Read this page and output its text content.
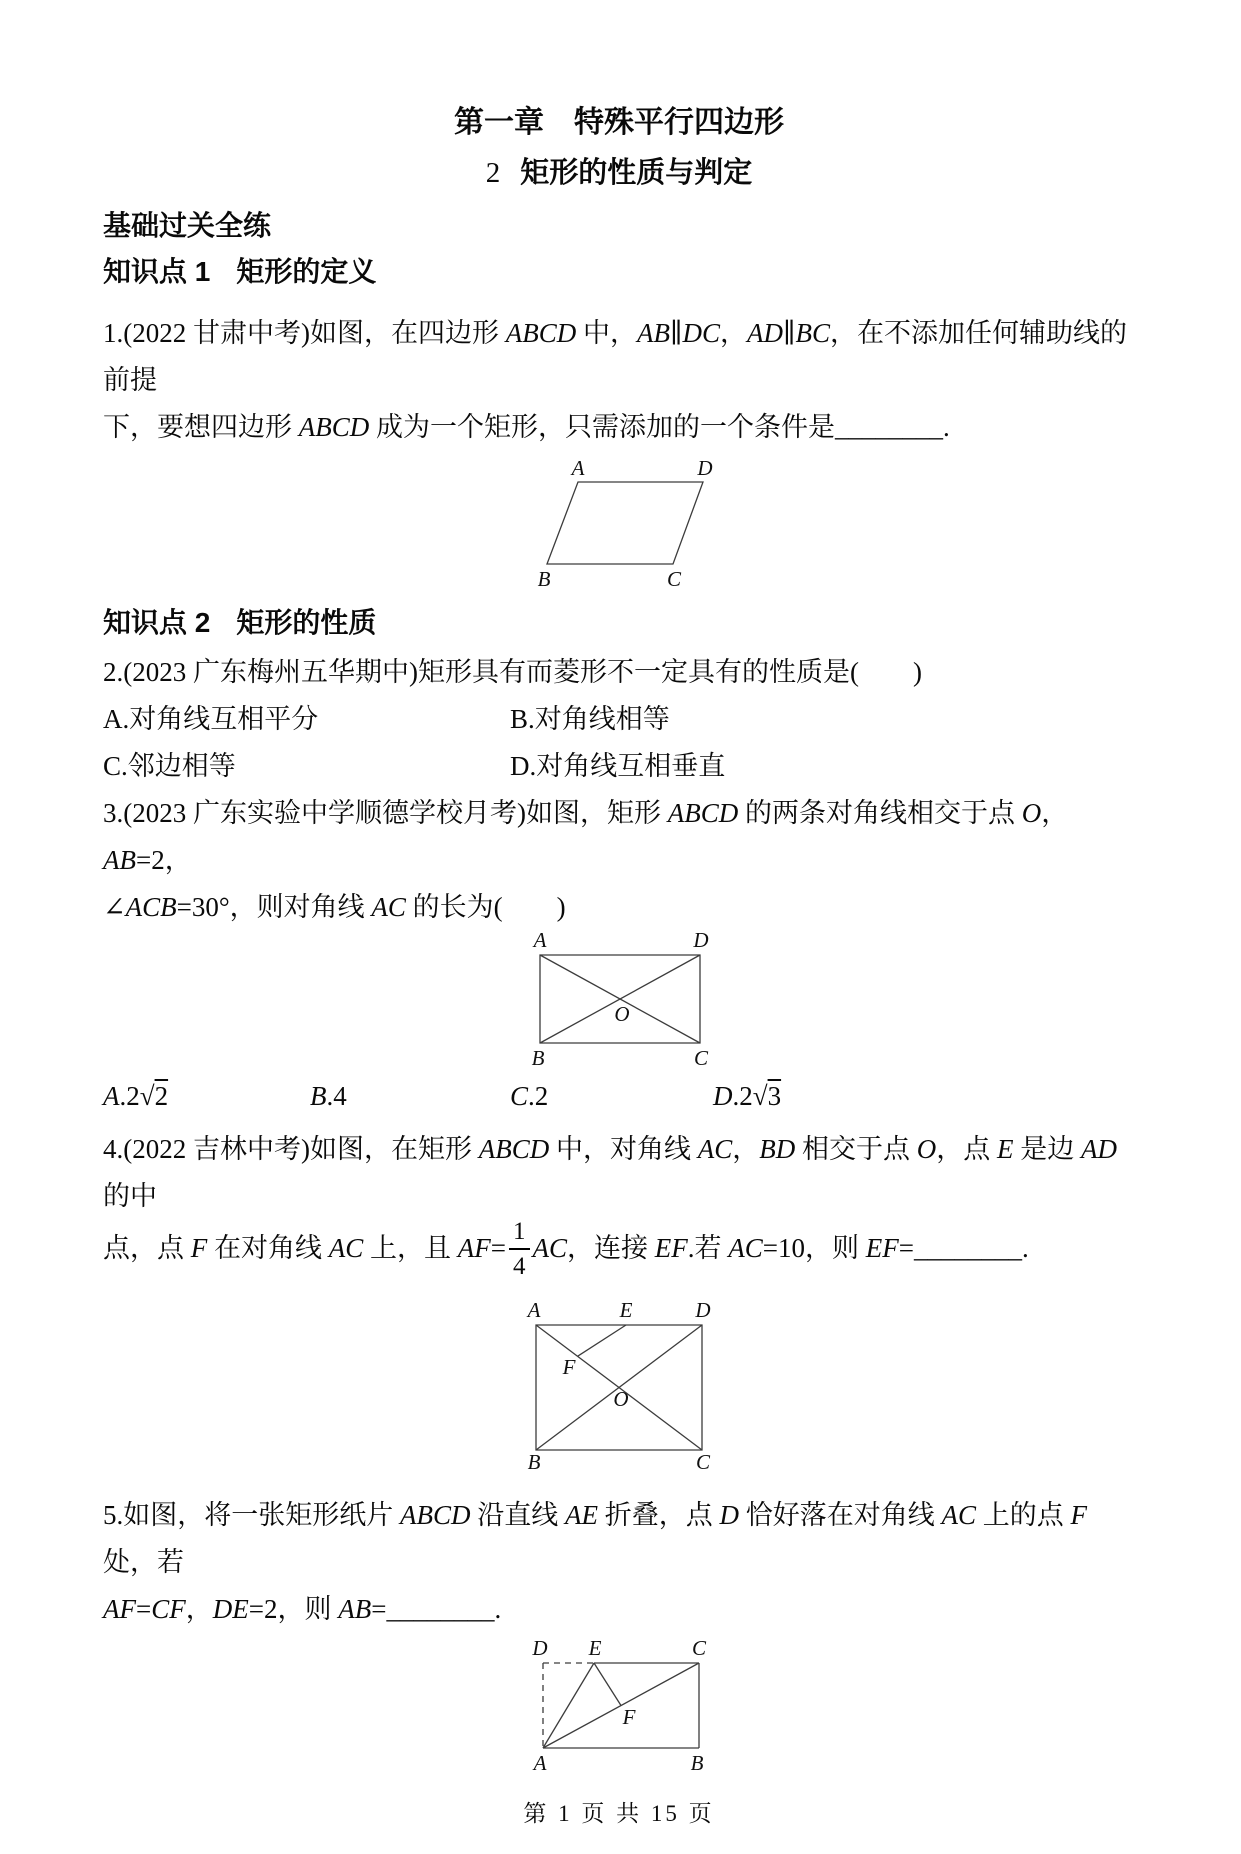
第一章　特殊平行四边形
2 矩形的性质与判定
基础过关全练
知识点 1 矩形的定义
1.(2022 甘肃中考)如图，在四边形 ABCD 中，AB∥DC，AD∥BC，在不添加任何辅助线的前提
下，要想四边形 ABCD 成为一个矩形，只需添加的一个条件是________.
A	D
B	C
知识点 2 矩形的性质
2.(2023 广东梅州五华期中)矩形具有而菱形不一定具有的性质是(　　)
A.对角线互相平分	B.对角线相等
C.邻边相等	D.对角线互相垂直
3.(2023 广东实验中学顺德学校月考)如图，矩形 ABCD 的两条对角线相交于点 O，AB=2，
∠ACB=30°，则对角线 AC 的长为(　　)
A	D
B	C
O
A.2√2	B.4	C.2	D.2√3
4.(2022 吉林中考)如图，在矩形 ABCD 中，对角线 AC，BD 相交于点 O，点 E 是边 AD 的中
点，点 F 在对角线 AC 上，且 $AF= \frac{1}{4}$ AC，连接 EF.若 AC=10，则 EF=________.
A	E	D
F
O
B	C
5.如图，将一张矩形纸片 ABCD 沿直线 AE 折叠，点 D 恰好落在对角线 AC 上的点 F 处，若
AF=CF，DE=2，则 AB=________.
D E	C
F
A	B
第 1 页 共 15 页
